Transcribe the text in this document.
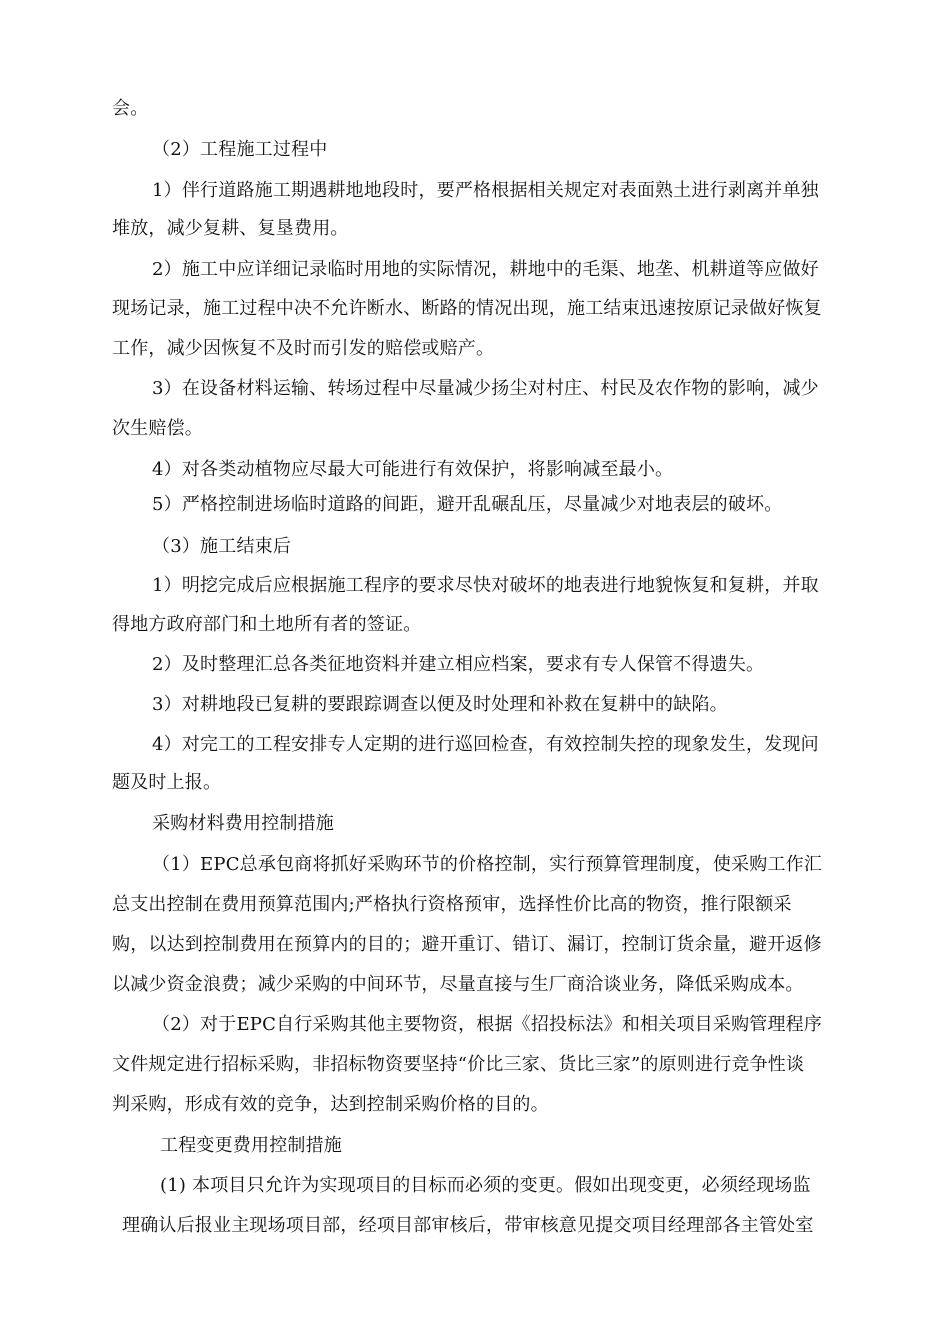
会。
（2）工程施工过程中
1）伴行道路施工期遇耕地地段时，要严格根据相关规定对表面熟土进行剥离并单独
堆放，减少复耕、复垦费用。
2）施工中应详细记录临时用地的实际情况，耕地中的毛渠、地垄、机耕道等应做好
现场记录，施工过程中决不允许断水、断路的情况出现，施工结束迅速按原记录做好恢复
工作，减少因恢复不及时而引发的赔偿或赔产。
3）在设备材料运输、转场过程中尽量减少扬尘对村庄、村民及农作物的影响，减少
次生赔偿。
4）对各类动植物应尽最大可能进行有效保护，将影响减至最小。
5）严格控制进场临时道路的间距，避开乱碾乱压，尽量减少对地表层的破坏。
（3）施工结束后
1）明挖完成后应根据施工程序的要求尽快对破坏的地表进行地貌恢复和复耕，并取
得地方政府部门和土地所有者的签证。
2）及时整理汇总各类征地资料并建立相应档案，要求有专人保管不得遗失。
3）对耕地段已复耕的要跟踪调查以便及时处理和补救在复耕中的缺陷。
4）对完工的工程安排专人定期的进行巡回检查，有效控制失控的现象发生，发现问
题及时上报。
采购材料费用控制措施
（1）EPC总承包商将抓好采购环节的价格控制，实行预算管理制度，使采购工作汇
总支出控制在费用预算范围内;严格执行资格预审，选择性价比高的物资，推行限额采
购，以达到控制费用在预算内的目的；避开重订、错订、漏订，控制订货余量，避开返修
以减少资金浪费；减少采购的中间环节，尽量直接与生厂商洽谈业务，降低采购成本。
（2）对于EPC自行采购其他主要物资，根据《招投标法》和相关项目采购管理程序
文件规定进行招标采购，非招标物资要坚持“价比三家、货比三家”的原则进行竞争性谈
判采购，形成有效的竞争，达到控制采购价格的目的。
工程变更费用控制措施
(1) 本项目只允许为实现项目的目标而必须的变更。假如出现变更，必须经现场监
理确认后报业主现场项目部，经项目部审核后，带审核意见提交项目经理部各主管处室
